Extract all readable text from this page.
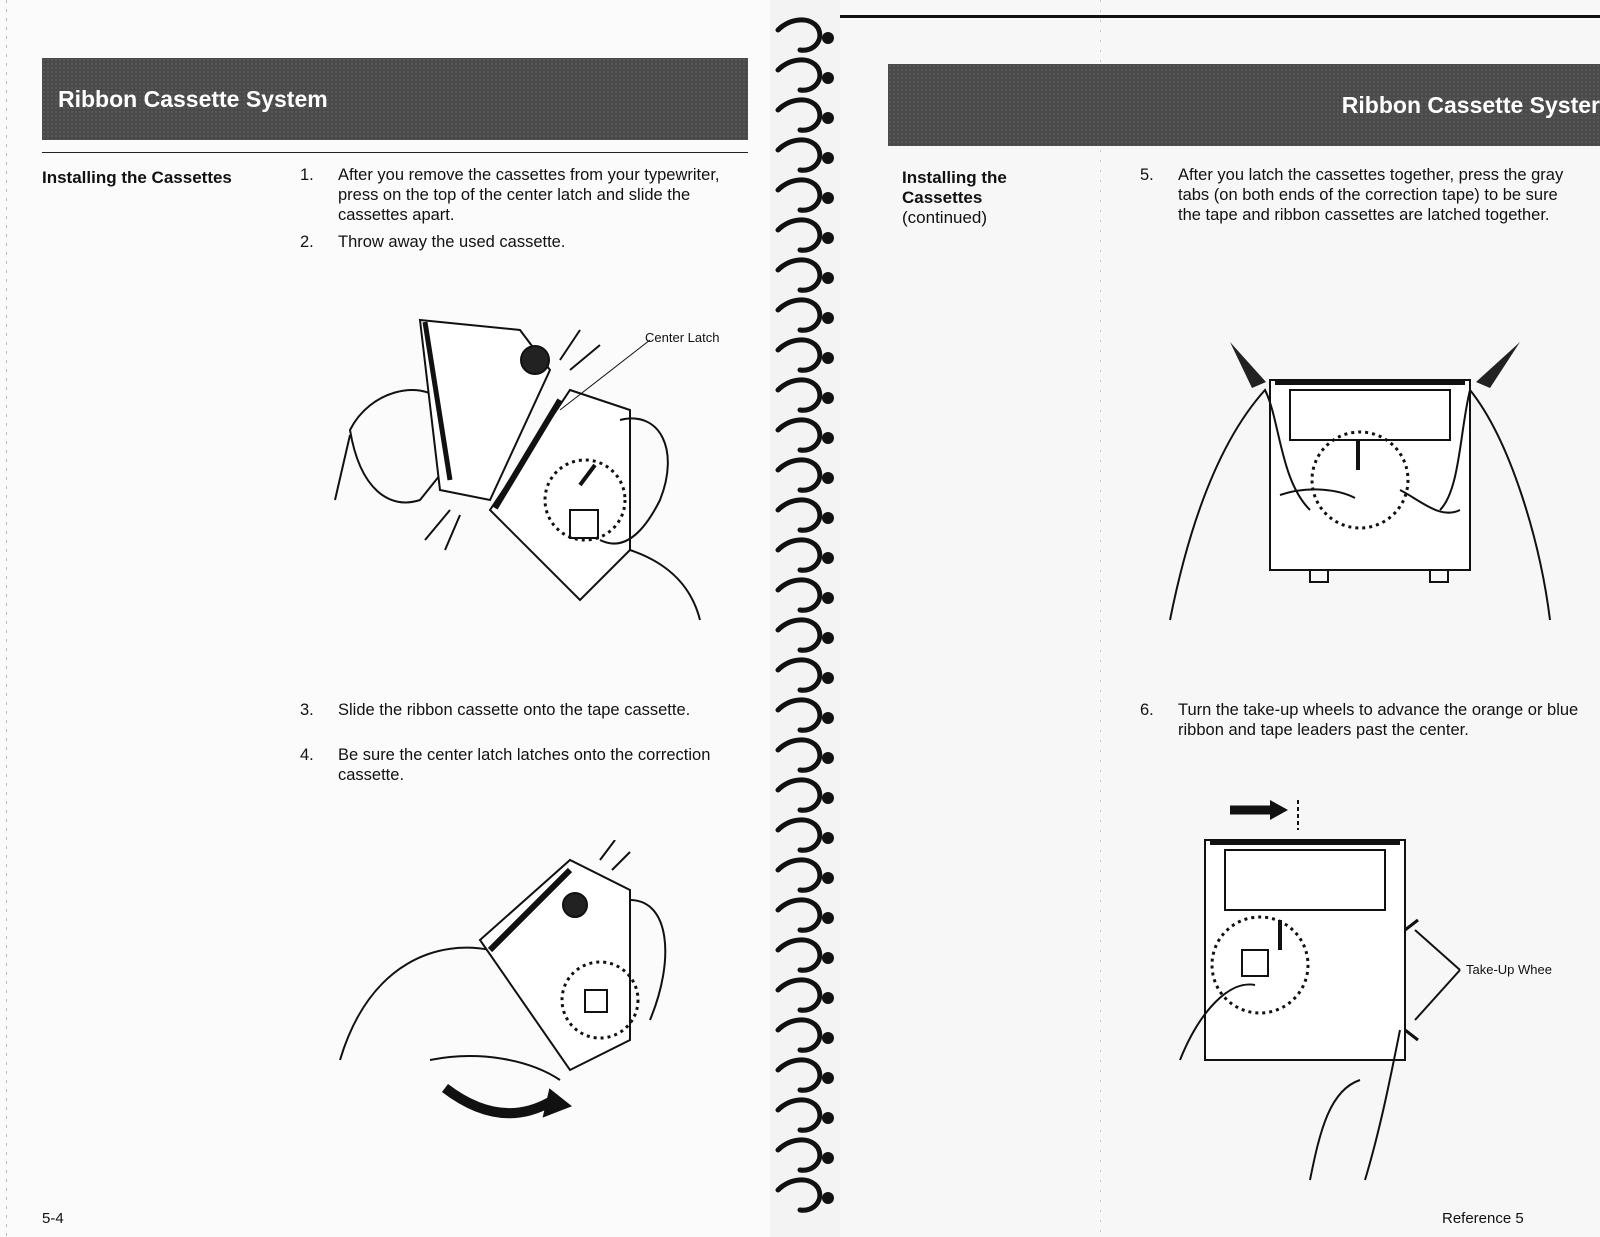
Ribbon Cassette System
Installing the Cassettes	1.	After you remove the cassettes from your typewriter, press on the top of the center latch and slide the cassettes apart.
2.	Throw away the used cassette.
Center Latch
3.	Slide the ribbon cassette onto the tape cassette.
4.	Be sure the center latch latches onto the correction cassette.
5-4
Ribbon Cassette Syster
Installing the Cassettes
(continued)
5.	After you latch the cassettes together, press the gray tabs (on both ends of the correction tape) to be sure the tape and ribbon cassettes are latched together.
6.	Turn the take-up wheels to advance the orange or blue ribbon and tape leaders past the center.
Take-Up Whee
Reference 5
